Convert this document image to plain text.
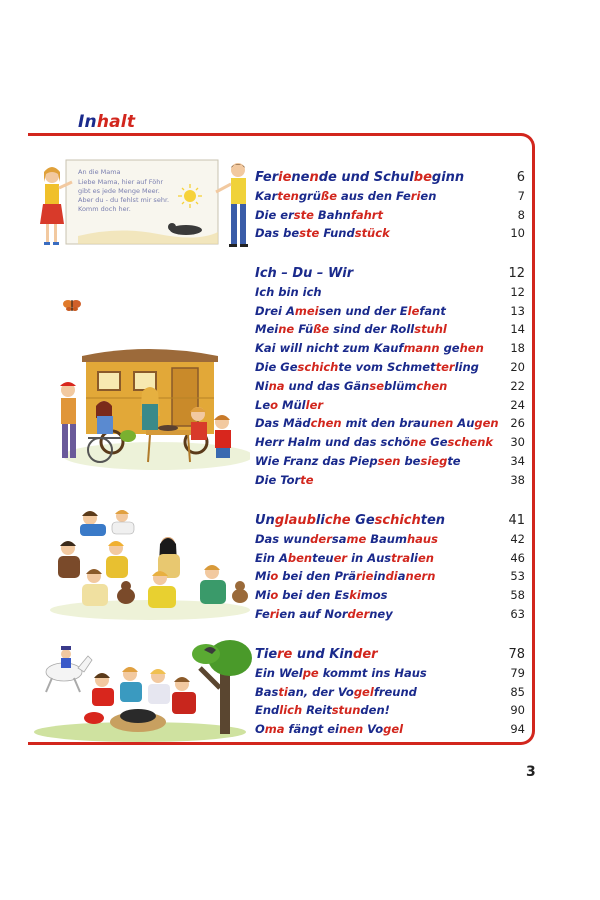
Inhalt
An die Mama
Liebe Mama, hier auf Föhr
gibt es jede Menge Meer.
Aber du - du fehlst mir sehr.
Komm doch her.
Ferienende und Schulbeginn	6
Kartengrüße aus den Ferien	7
Die erste Bahnfahrt	8
Das beste Fundstück	10
Ich – Du – Wir	12
Ich bin ich	12
Drei Ameisen und der Elefant	13
Meine Füße sind der Rollstuhl	14
Kai will nicht zum Kaufmann gehen 18
Die Geschichte vom Schmetterling	20
Nina und das Gänseblümchen	22
Leo Müller	24
Das Mädchen mit den braunen Augen 26
Herr Halm und das schöne Geschenk 30
Wie Franz das Piepsen besiegte	34
Die Torte	38
Unglaubliche Geschichten	41
Das wundersame Baumhaus	42
Ein Abenteuer in Australien	46
Mio bei den Prärieindianern	53
Mio bei den Eskimos	58
Ferien auf Norderney	63
Tiere und Kinder	78
Ein Welpe kommt ins Haus	79
Bastian, der Vogelfreund	85
Endlich Reitstunden!	90
Oma fängt einen Vogel	94
3
